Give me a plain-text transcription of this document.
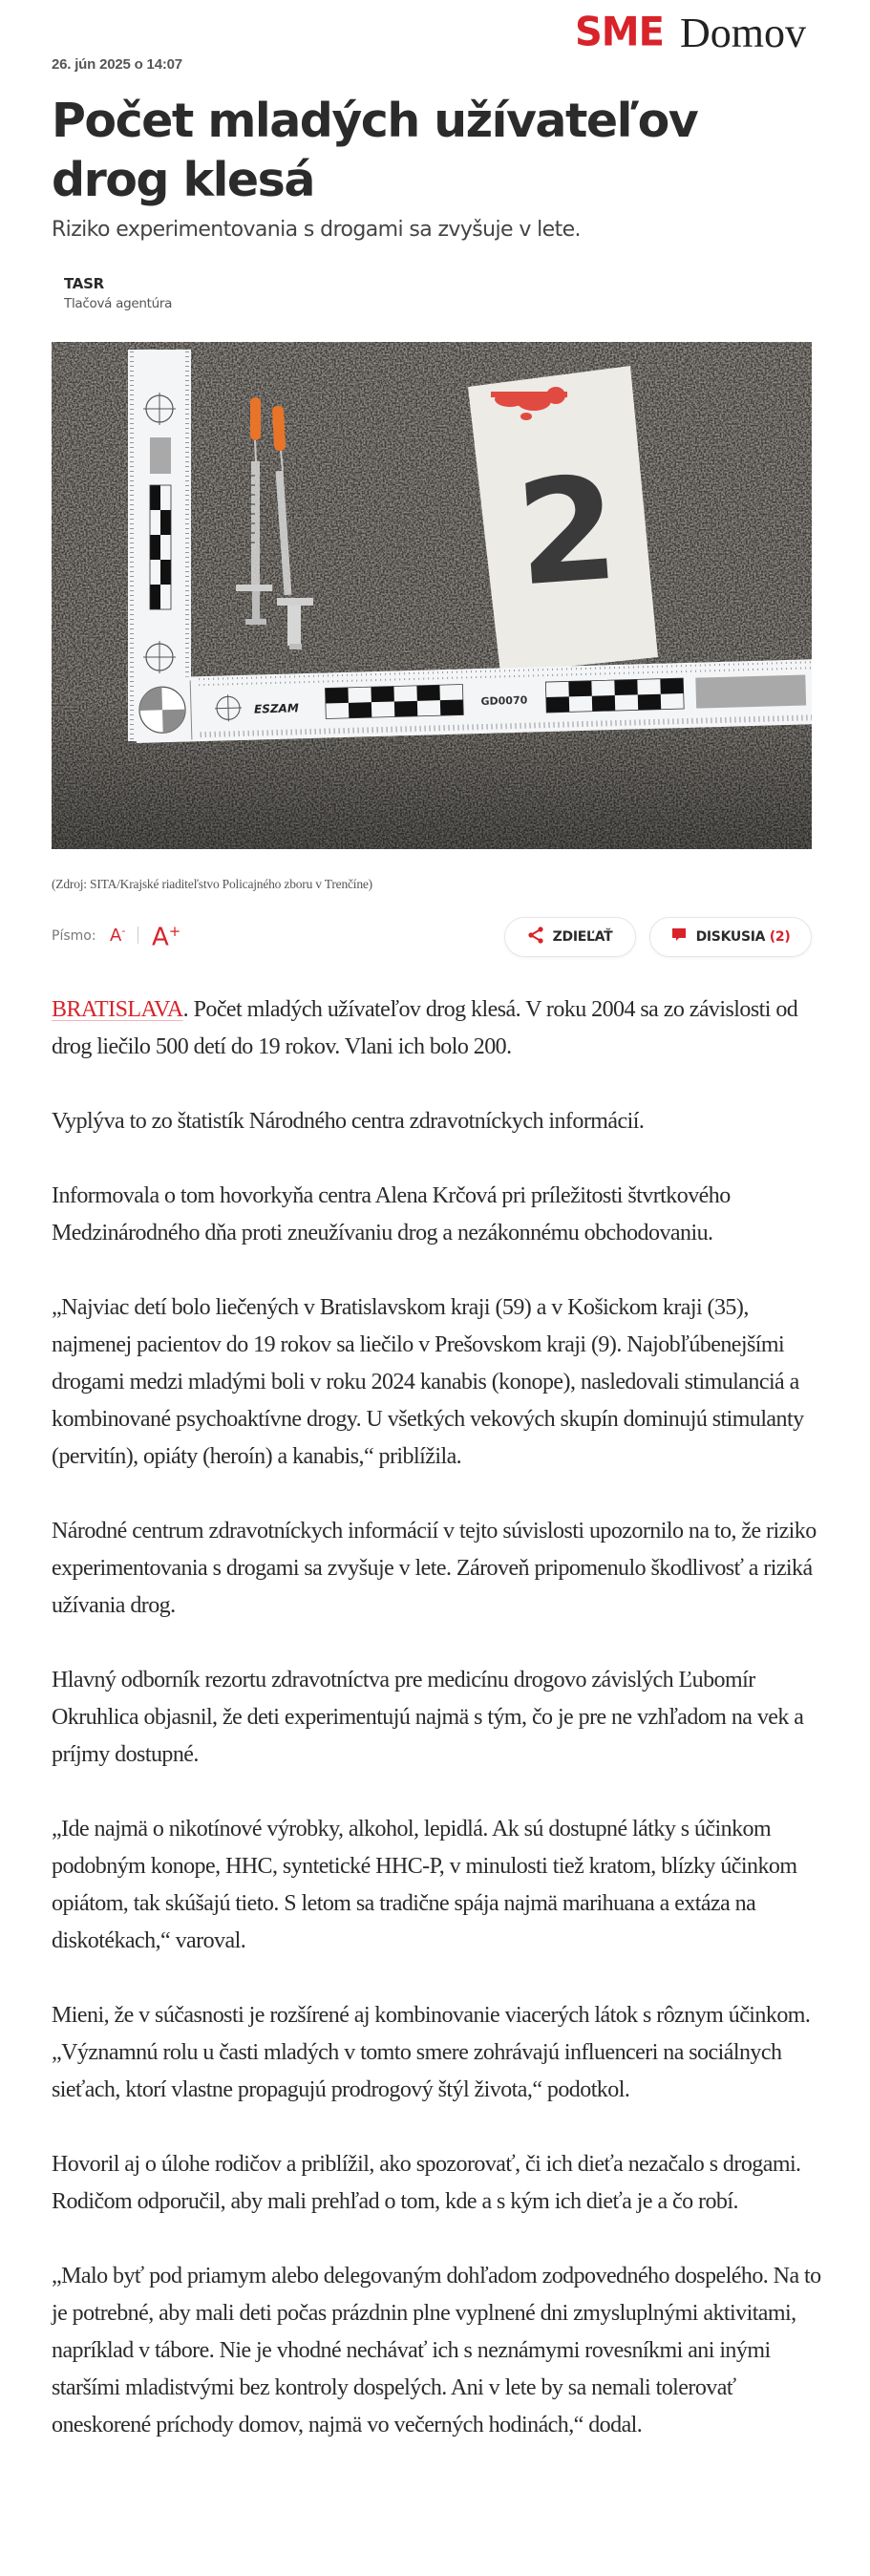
SME Domov
26. jún 2025 o 14:07
Počet mladých užívateľov drog klesá
Riziko experimentovania s drogami sa zvyšuje v lete.
TASR
Tlačová agentúra
2
ESZAM
GD0070
(Zdroj: SITA/Krajské riaditeľstvo Policajného zboru v Trenčíne)
Písmo: A- A+	ZDIEĽAŤ	DISKUSIA (2)

BRATISLAVA. Počet mladých užívateľov drog klesá. V roku 2004 sa zo závislosti od drog liečilo 500 detí do 19 rokov. Vlani ich bolo 200.

Vyplýva to zo štatistík Národného centra zdravotníckych informácií.

Informovala o tom hovorkyňa centra Alena Krčová pri príležitosti štvrtkového Medzinárodného dňa proti zneužívaniu drog a nezákonnému obchodovaniu.

„Najviac detí bolo liečených v Bratislavskom kraji (59) a v Košickom kraji (35), najmenej pacientov do 19 rokov sa liečilo v Prešovskom kraji (9). Najobľúbenejšími drogami medzi mladými boli v roku 2024 kanabis (konope), nasledovali stimulanciá a kombinované psychoaktívne drogy. U všetkých vekových skupín dominujú stimulanty (pervitín), opiáty (heroín) a kanabis,“ priblížila.

Národné centrum zdravotníckych informácií v tejto súvislosti upozornilo na to, že riziko experimentovania s drogami sa zvyšuje v lete. Zároveň pripomenulo škodlivosť a riziká užívania drog.

Hlavný odborník rezortu zdravotníctva pre medicínu drogovo závislých Ľubomír Okruhlica objasnil, že deti experimentujú najmä s tým, čo je pre ne vzhľadom na vek a príjmy dostupné.

„Ide najmä o nikotínové výrobky, alkohol, lepidlá. Ak sú dostupné látky s účinkom podobným konope, HHC, syntetické HHC-P, v minulosti tiež kratom, blízky účinkom opiátom, tak skúšajú tieto. S letom sa tradične spája najmä marihuana a extáza na diskotékach,“ varoval.

Mieni, že v súčasnosti je rozšírené aj kombinovanie viacerých látok s rôznym účinkom. „Významnú rolu u časti mladých v tomto smere zohrávajú influenceri na sociálnych sieťach, ktorí vlastne propagujú prodrogový štýl života,“ podotkol.

Hovoril aj o úlohe rodičov a priblížil, ako spozorovať, či ich dieťa nezačalo s drogami. Rodičom odporučil, aby mali prehľad o tom, kde a s kým ich dieťa je a čo robí.

„Malo byť pod priamym alebo delegovaným dohľadom zodpovedného dospelého. Na to je potrebné, aby mali deti počas prázdnin plne vyplnené dni zmysluplnými aktivitami, napríklad v tábore. Nie je vhodné nechávať ich s neznámymi rovesníkmi ani inými staršími mladistvými bez kontroly dospelých. Ani v lete by sa nemali tolerovať oneskorené príchody domov, najmä vo večerných hodinách,“ dodal.
